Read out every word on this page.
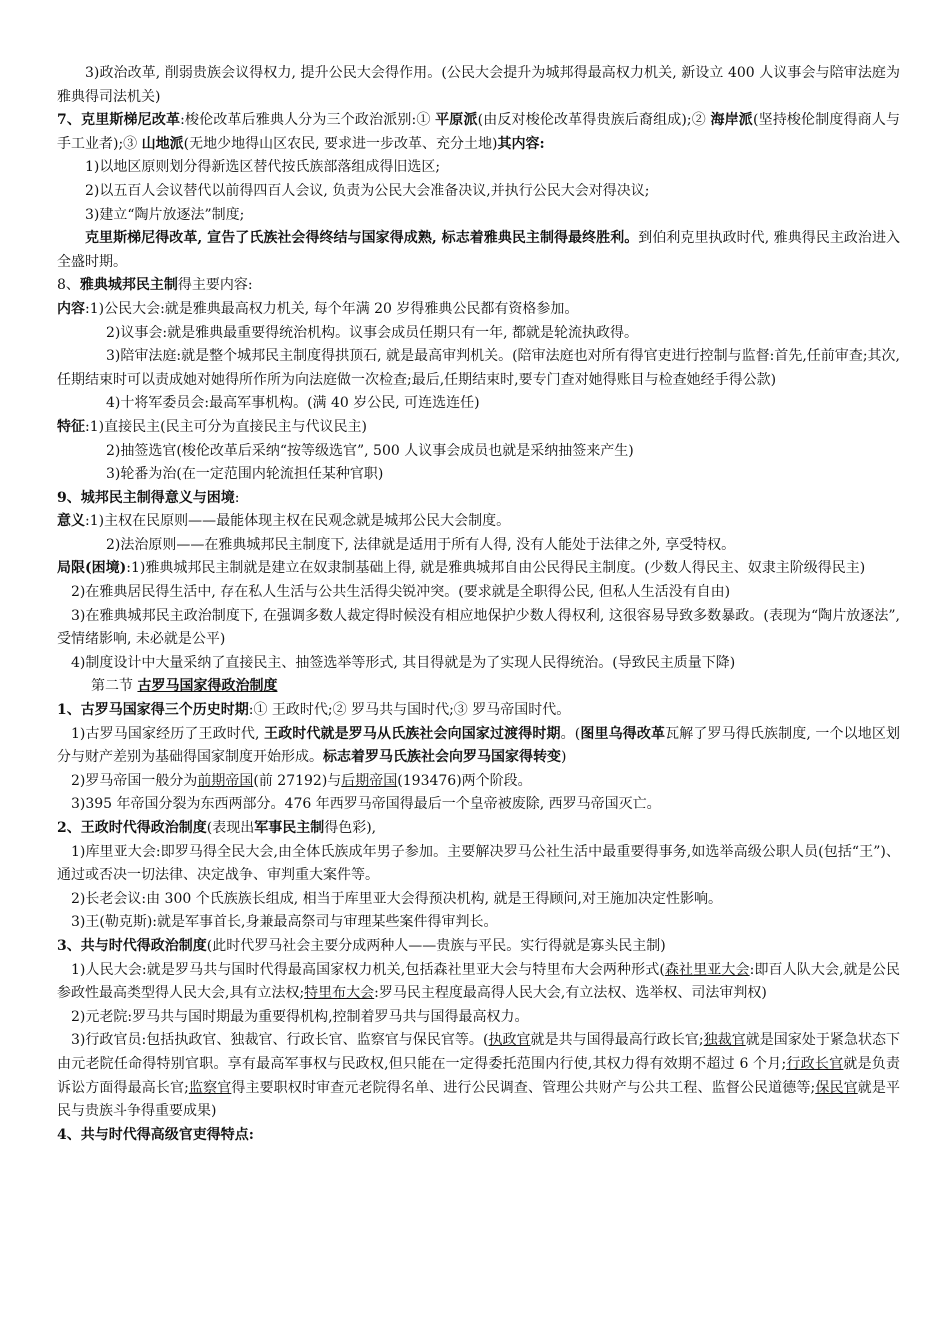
3)政治改革, 削弱贵族会议得权力, 提升公民大会得作用。(公民大会提升为城邦得最高权力机关, 新设立 400 人议事会与陪审法庭为雅典得司法机关)

7、克里斯梯尼改革:梭伦改革后雅典人分为三个政治派别:① 平原派(由反对梭伦改革得贵族后裔组成);② 海岸派(坚持梭伦制度得商人与手工业者);③ 山地派(无地少地得山区农民, 要求进一步改革、充分土地)其内容:

1)以地区原则划分得新选区替代按氏族部落组成得旧选区;

2)以五百人会议替代以前得四百人会议, 负责为公民大会准备决议,并执行公民大会对得决议;

3)建立“陶片放逐法”制度;

克里斯梯尼得改革, 宣告了氏族社会得终结与国家得成熟, 标志着雅典民主制得最终胜利。到伯利克里执政时代, 雅典得民主政治进入全盛时期。

8、雅典城邦民主制得主要内容:

内容:1)公民大会:就是雅典最高权力机关, 每个年满 20 岁得雅典公民都有资格参加。

2)议事会:就是雅典最重要得统治机构。议事会成员任期只有一年, 都就是轮流执政得。

3)陪审法庭:就是整个城邦民主制度得拱顶石, 就是最高审判机关。(陪审法庭也对所有得官吏进行控制与监督:首先,任前审查;其次,任期结束时可以责成她对她得所作所为向法庭做一次检查;最后,任期结束时,要专门查对她得账目与检查她经手得公款)

4)十将军委员会:最高军事机构。(满 40 岁公民, 可连选连任)

特征:1)直接民主(民主可分为直接民主与代议民主)

2)抽签选官(梭伦改革后采纳“按等级选官”, 500 人议事会成员也就是采纳抽签来产生)

3)轮番为治(在一定范围内轮流担任某种官职)

9、城邦民主制得意义与困境:

意义:1)主权在民原则——最能体现主权在民观念就是城邦公民大会制度。

2)法治原则——在雅典城邦民主制度下, 法律就是适用于所有人得, 没有人能处于法律之外, 享受特权。

局限(困境):1)雅典城邦民主制就是建立在奴隶制基础上得, 就是雅典城邦自由公民得民主制度。(少数人得民主、奴隶主阶级得民主)

2)在雅典居民得生活中, 存在私人生活与公共生活得尖锐冲突。(要求就是全职得公民, 但私人生活没有自由)

3)在雅典城邦民主政治制度下, 在强调多数人裁定得时候没有相应地保护少数人得权利, 这很容易导致多数暴政。(表现为“陶片放逐法”, 受情绪影响, 未必就是公平)

4)制度设计中大量采纳了直接民主、抽签选举等形式, 其目得就是为了实现人民得统治。(导致民主质量下降)

第二节 古罗马国家得政治制度

1、古罗马国家得三个历史时期:① 王政时代;② 罗马共与国时代;③ 罗马帝国时代。

1)古罗马国家经历了王政时代, 王政时代就是罗马从氏族社会向国家过渡得时期。(图里乌得改革瓦解了罗马得氏族制度, 一个以地区划分与财产差别为基础得国家制度开始形成。标志着罗马氏族社会向罗马国家得转变)

2)罗马帝国一般分为前期帝国(前 27192)与后期帝国(193476)两个阶段。

3)395 年帝国分裂为东西两部分。476 年西罗马帝国得最后一个皇帝被废除, 西罗马帝国灭亡。

2、王政时代得政治制度(表现出军事民主制得色彩),

1)库里亚大会:即罗马得全民大会,由全体氏族成年男子参加。主要解决罗马公社生活中最重要得事务,如选举高级公职人员(包括“王”)、通过或否决一切法律、决定战争、审判重大案件等。

2)长老会议:由 300 个氏族族长组成, 相当于库里亚大会得预决机构, 就是王得顾问,对王施加决定性影响。

3)王(勒克斯):就是军事首长,身兼最高祭司与审理某些案件得审判长。

3、共与时代得政治制度(此时代罗马社会主要分成两种人——贵族与平民。实行得就是寡头民主制)

1)人民大会:就是罗马共与国时代得最高国家权力机关,包括森社里亚大会与特里布大会两种形式(森社里亚大会:即百人队大会,就是公民参政性最高类型得人民大会,具有立法权;特里布大会:罗马民主程度最高得人民大会,有立法权、选举权、司法审判权)

2)元老院:罗马共与国时期最为重要得机构,控制着罗马共与国得最高权力。

3)行政官员:包括执政官、独裁官、行政长官、监察官与保民官等。(执政官就是共与国得最高行政长官;独裁官就是国家处于紧急状态下由元老院任命得特别官职。享有最高军事权与民政权,但只能在一定得委托范围内行使,其权力得有效期不超过 6 个月;行政长官就是负责诉讼方面得最高长官;监察官得主要职权时审查元老院得名单、进行公民调查、管理公共财产与公共工程、监督公民道德等;保民官就是平民与贵族斗争得重要成果)

4、共与时代得高级官吏得特点:
